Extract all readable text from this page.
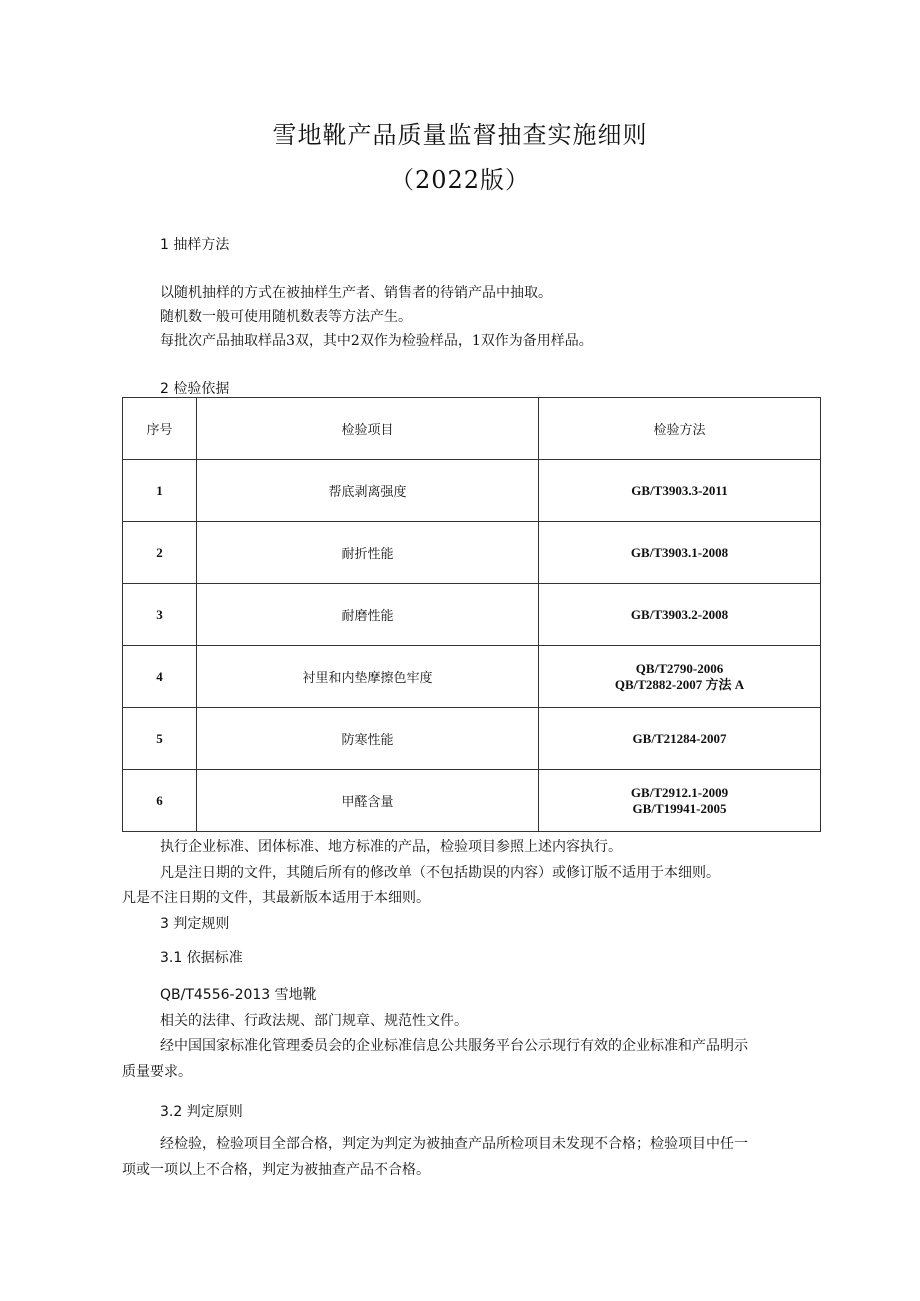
雪地靴产品质量监督抽查实施细则
（2022版）
1 抽样方法
以随机抽样的方式在被抽样生产者、销售者的待销产品中抽取。
随机数一般可使用随机数表等方法产生。
每批次产品抽取样品3双，其中2双作为检验样品，1双作为备用样品。
2 检验依据
序号	检验项目	检验方法
1	帮底剥离强度	GB/T3903.3-2011

2	耐折性能	GB/T3903.1-2008

3	耐磨性能	GB/T3903.2-2008

4	衬里和内垫摩擦色牢度	QB/T2790-2006
QB/T2882-2007 方法 A

5	防寒性能	GB/T21284-2007

6	甲醛含量	GB/T2912.1-2009
GB/T19941-2005
执行企业标准、团体标准、地方标准的产品，检验项目参照上述内容执行。
凡是注日期的文件，其随后所有的修改单（不包括勘误的内容）或修订版不适用于本细则。
凡是不注日期的文件，其最新版本适用于本细则。
3 判定规则
3.1 依据标准
QB/T4556-2013 雪地靴
相关的法律、行政法规、部门规章、规范性文件。
经中国国家标准化管理委员会的企业标准信息公共服务平台公示现行有效的企业标准和产品明示
质量要求。
3.2 判定原则
经检验，检验项目全部合格，判定为判定为被抽查产品所检项目未发现不合格；检验项目中任一
项或一项以上不合格，判定为被抽查产品不合格。
